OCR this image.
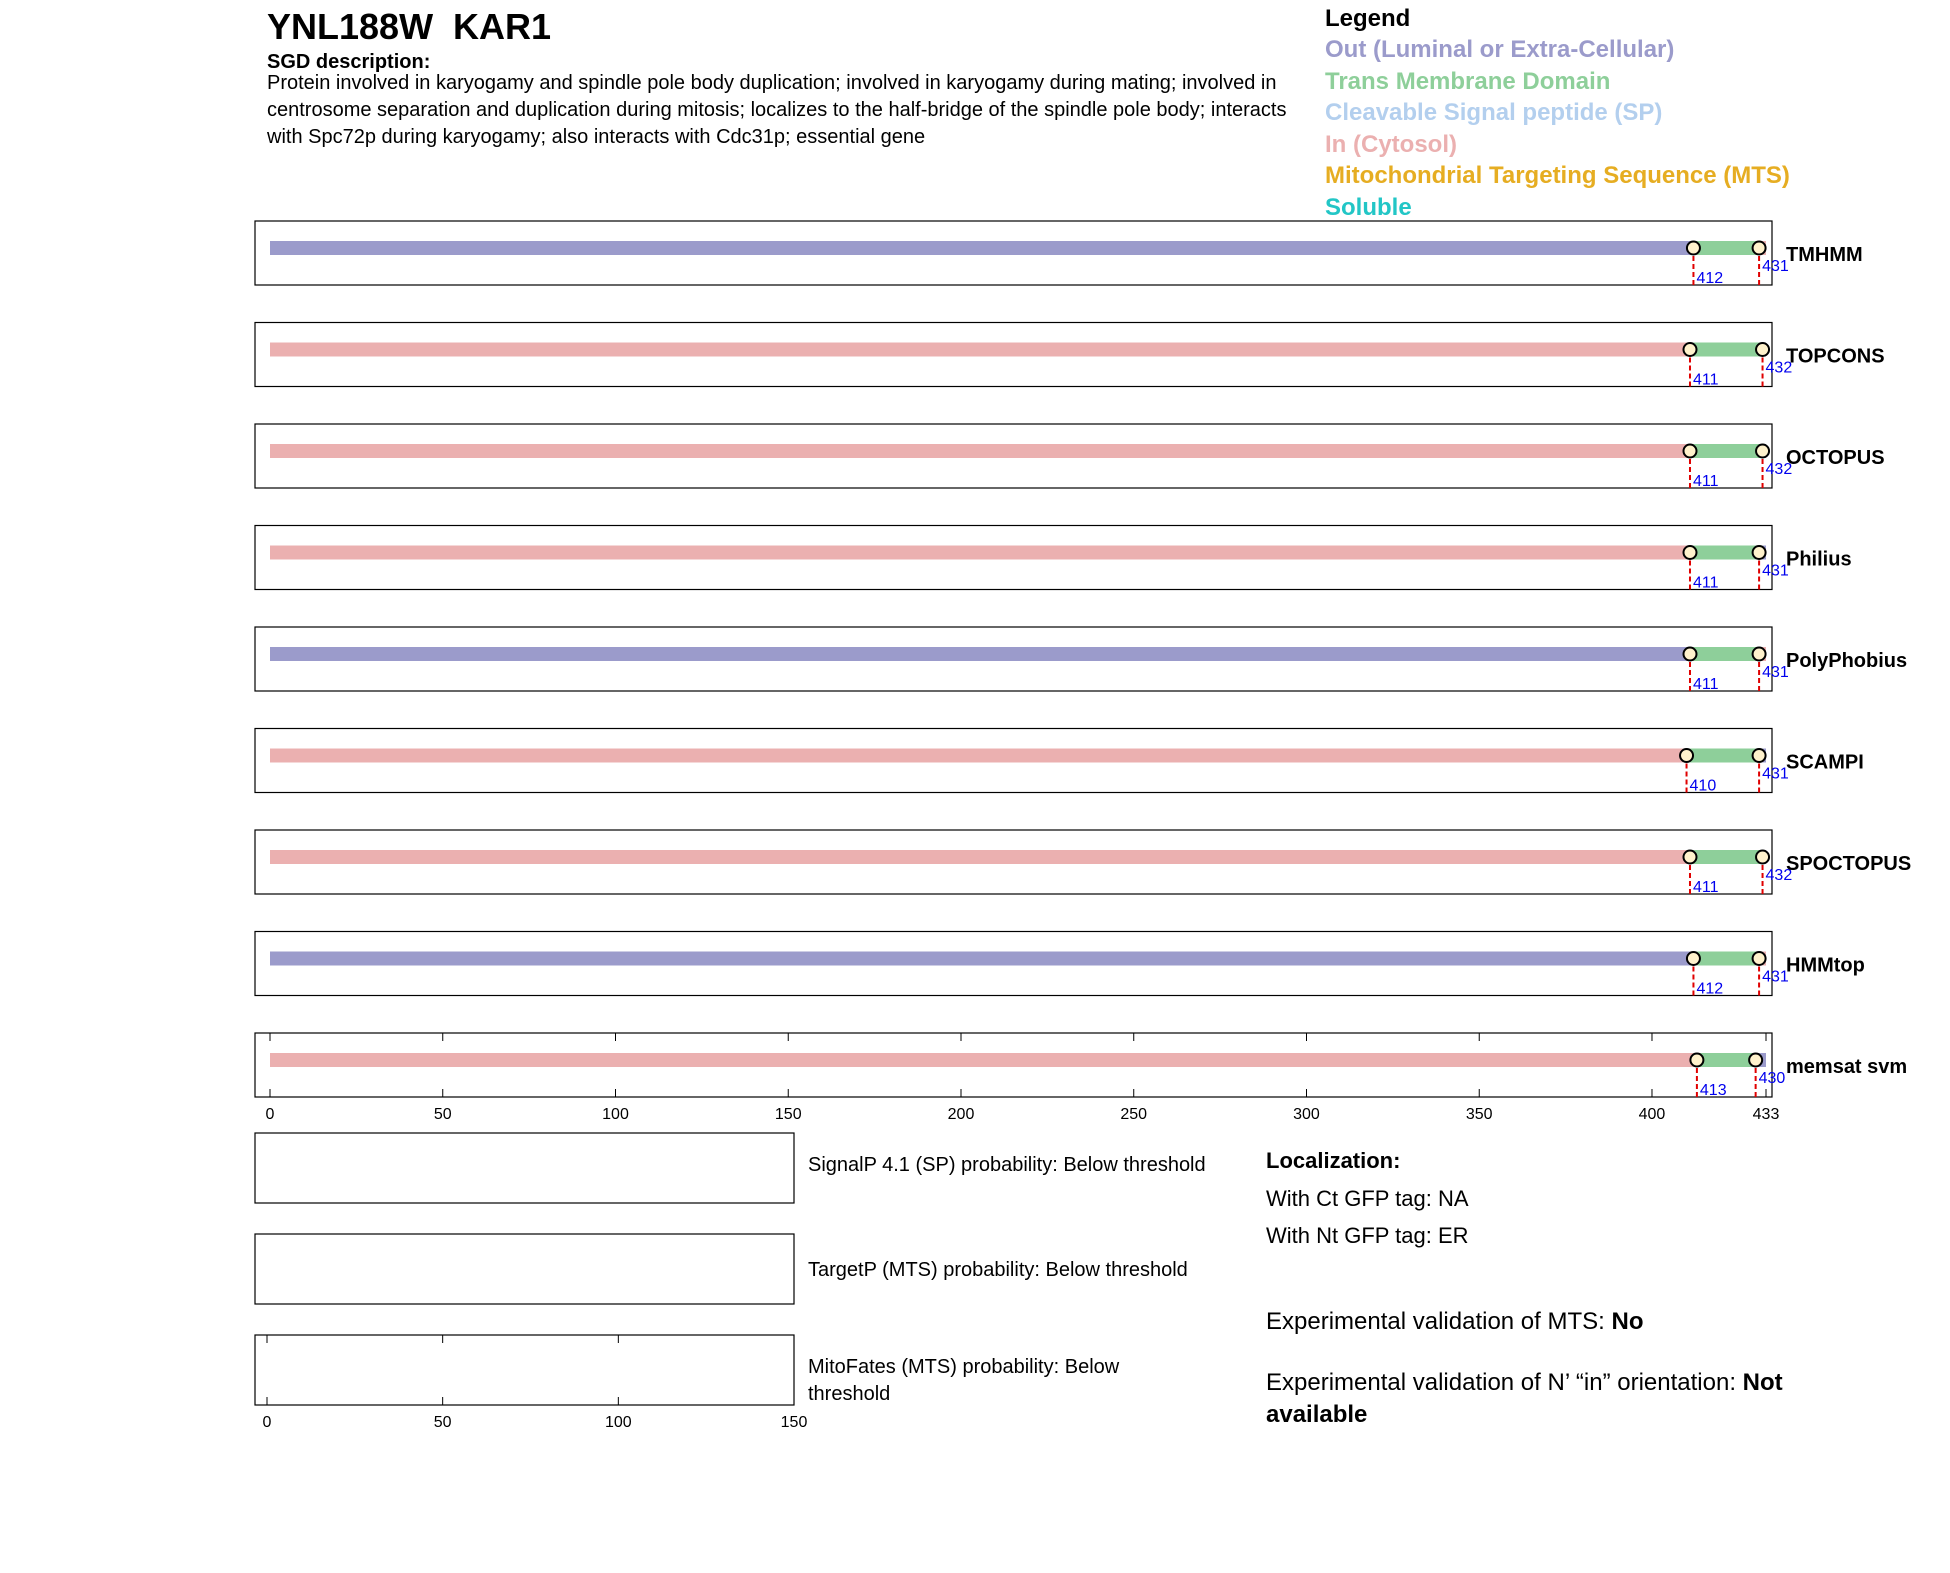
YNL188W  KAR1
SGD description:
Protein involved in karyogamy and spindle pole body duplication; involved in karyogamy during mating; involved in centrosome separation and duplication during mitosis; localizes to the half-bridge of the spindle pole body; interacts with Spc72p during karyogamy; also interacts with Cdc31p; essential gene
Legend
Out (Luminal or Extra-Cellular)
Trans Membrane Domain
Cleavable Signal peptide (SP)
In (Cytosol)
Mitochondrial Targeting Sequence (MTS)
Soluble
412
431
TMHMM
411
432
TOPCONS
411
432
OCTOPUS
411
431
Philius
411
431
PolyPhobius
410
431
SCAMPI
411
432
SPOCTOPUS
412
431
HMMtop
413
430
memsat svm
0	50	100	150	200	250	300	350	400	433
0	50	100	150
SignalP 4.1 (SP) probability: Below threshold
TargetP (MTS) probability: Below threshold
MitoFates (MTS) probability: Below threshold
Localization:
With Ct GFP tag: NA
With Nt GFP tag: ER
Experimental validation of MTS: No
Experimental validation of N’ “in” orientation: Not available
